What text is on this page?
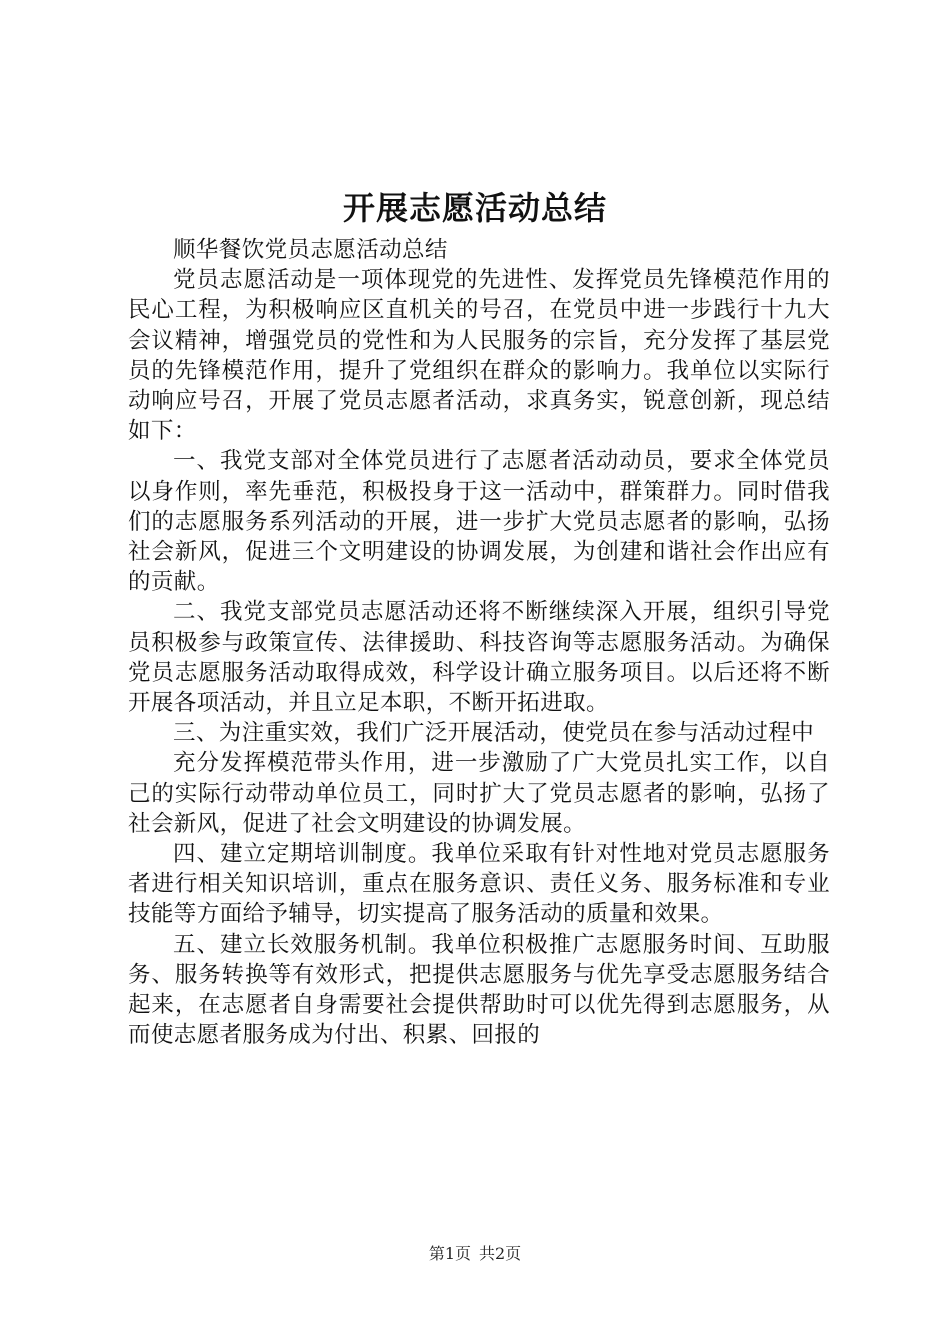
开展志愿活动总结

顺华餐饮党员志愿活动总结

党员志愿活动是一项体现党的先进性、发挥党员先锋模范作用的民心工程，为积极响应区直机关的号召，在党员中进一步践行十九大会议精神，增强党员的党性和为人民服务的宗旨，充分发挥了基层党员的先锋模范作用，提升了党组织在群众的影响力。我单位以实际行动响应号召，开展了党员志愿者活动，求真务实，锐意创新，现总结如下：

一、我党支部对全体党员进行了志愿者活动动员，要求全体党员以身作则，率先垂范，积极投身于这一活动中，群策群力。同时借我们的志愿服务系列活动的开展，进一步扩大党员志愿者的影响，弘扬社会新风，促进三个文明建设的协调发展，为创建和谐社会作出应有的贡献。

二、我党支部党员志愿活动还将不断继续深入开展，组织引导党员积极参与政策宣传、法律援助、科技咨询等志愿服务活动。为确保党员志愿服务活动取得成效，科学设计确立服务项目。以后还将不断开展各项活动，并且立足本职，不断开拓进取。

三、为注重实效，我们广泛开展活动，使党员在参与活动过程中

充分发挥模范带头作用，进一步激励了广大党员扎实工作，以自己的实际行动带动单位员工，同时扩大了党员志愿者的影响，弘扬了社会新风，促进了社会文明建设的协调发展。

四、建立定期培训制度。我单位采取有针对性地对党员志愿服务者进行相关知识培训，重点在服务意识、责任义务、服务标准和专业技能等方面给予辅导，切实提高了服务活动的质量和效果。

五、建立长效服务机制。我单位积极推广志愿服务时间、互助服务、服务转换等有效形式，把提供志愿服务与优先享受志愿服务结合起来，在志愿者自身需要社会提供帮助时可以优先得到志愿服务，从而使志愿者服务成为付出、积累、回报的

第1页 共2页
